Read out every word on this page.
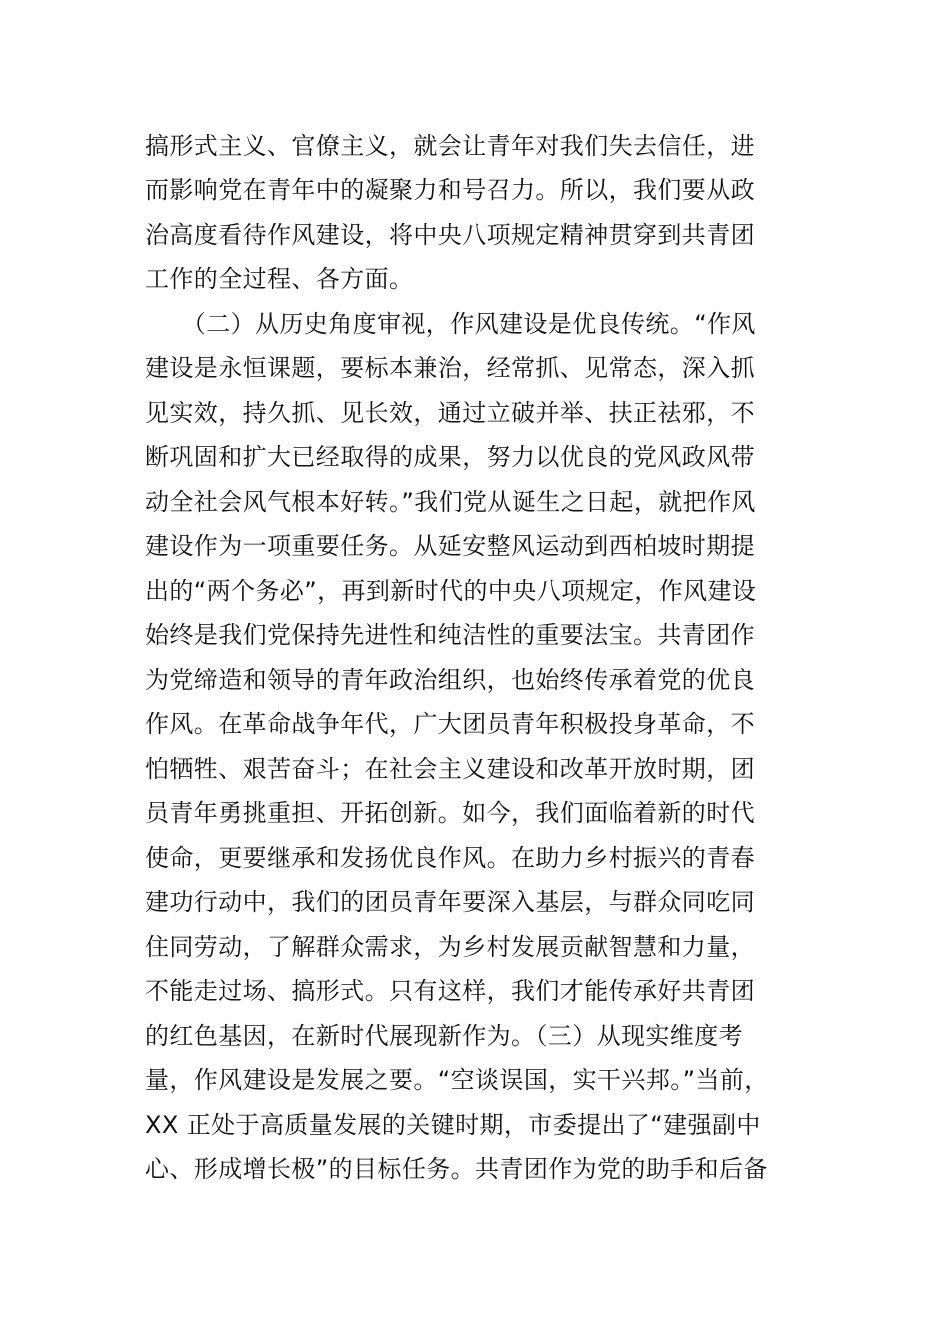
搞形式主义、官僚主义，就会让青年对我们失去信任，进
而影响党在青年中的凝聚力和号召力。所以，我们要从政
治高度看待作风建设，将中央八项规定精神贯穿到共青团
工作的全过程、各方面。
　　（二）从历史角度审视，作风建设是优良传统。“作风
建设是永恒课题，要标本兼治，经常抓、见常态，深入抓
见实效，持久抓、见长效，通过立破并举、扶正祛邪，不
断巩固和扩大已经取得的成果，努力以优良的党风政风带
动全社会风气根本好转。”我们党从诞生之日起，就把作风
建设作为一项重要任务。从延安整风运动到西柏坡时期提
出的“两个务必”，再到新时代的中央八项规定，作风建设
始终是我们党保持先进性和纯洁性的重要法宝。共青团作
为党缔造和领导的青年政治组织，也始终传承着党的优良
作风。在革命战争年代，广大团员青年积极投身革命，不
怕牺牲、艰苦奋斗；在社会主义建设和改革开放时期，团
员青年勇挑重担、开拓创新。如今，我们面临着新的时代
使命，更要继承和发扬优良作风。在助力乡村振兴的青春
建功行动中，我们的团员青年要深入基层，与群众同吃同
住同劳动，了解群众需求，为乡村发展贡献智慧和力量，
不能走过场、搞形式。只有这样，我们才能传承好共青团
的红色基因，在新时代展现新作为。（三）从现实维度考
量，作风建设是发展之要。“空谈误国，实干兴邦。”当前，
XX 正处于高质量发展的关键时期，市委提出了“建强副中
心、形成增长极”的目标任务。共青团作为党的助手和后备
